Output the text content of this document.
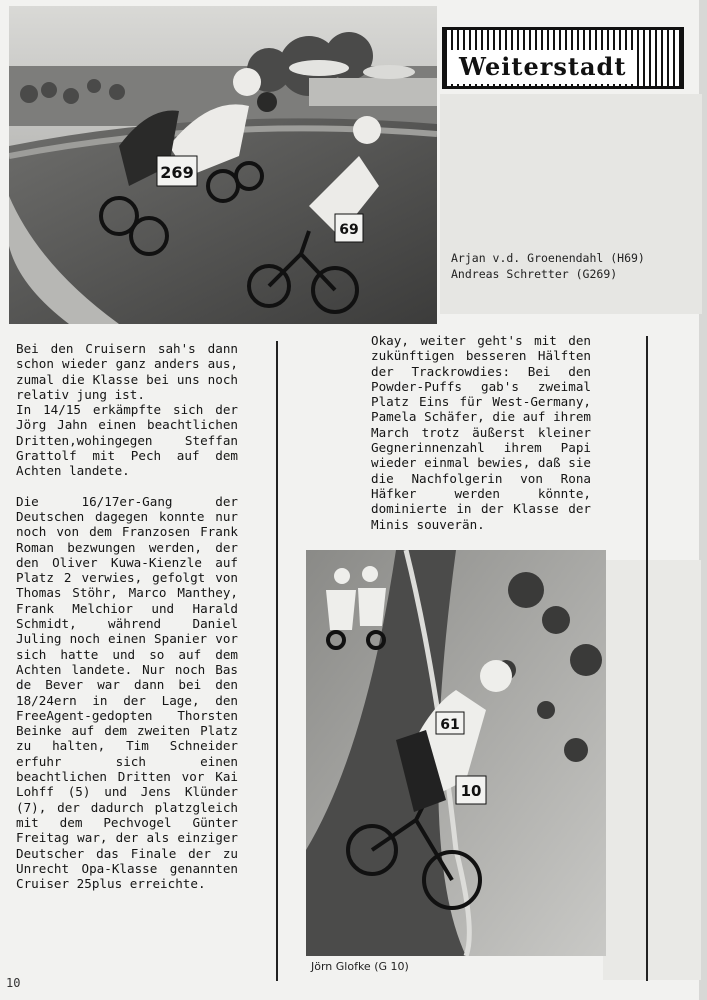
269
69
Weiterstadt
Arjan v.d. Groenendahl (H69)
Andreas Schretter (G269)

Bei den Cruisern sah's dann schon wieder ganz anders aus, zumal die Klasse bei uns noch relativ jung ist.

In 14/15 erkämpfte sich der Jörg Jahn einen beachtlichen Dritten,wohingegen Steffan Grattolf mit Pech auf dem Achten landete.

Die 16/17er-Gang der Deutschen dagegen konnte nur noch von dem Franzosen Frank Roman bezwungen werden, der den Oliver Kuwa-Kienzle auf Platz 2 verwies, gefolgt von Thomas Stöhr, Marco Manthey, Frank Melchior und Harald Schmidt, während Daniel Juling noch einen Spanier vor sich hatte und so auf dem Achten landete. Nur noch Bas de Bever war dann bei den 18/24ern in der Lage, den FreeAgent-gedopten Thorsten Beinke auf dem zweiten Platz zu halten, Tim Schneider erfuhr sich einen beachtlichen Dritten vor Kai Lohff (5) und Jens Klünder (7), der dadurch platzgleich mit dem Pechvogel Günter Freitag war, der als einziger Deutscher das Finale der zu Unrecht Opa-Klasse genannten Cruiser 25plus erreichte.

Okay, weiter geht's mit den zukünftigen besseren Hälften der Trackrowdies: Bei den Powder-Puffs gab's zweimal Platz Eins für West-Germany, Pamela Schäfer, die auf ihrem March trotz äußerst kleiner Gegnerinnenzahl ihrem Papi wieder einmal bewies, daß sie die Nachfolgerin von Rona Häfker werden könnte, dominierte in der Klasse der Minis souverän.

10
61
Jörn Glofke (G 10)
10
